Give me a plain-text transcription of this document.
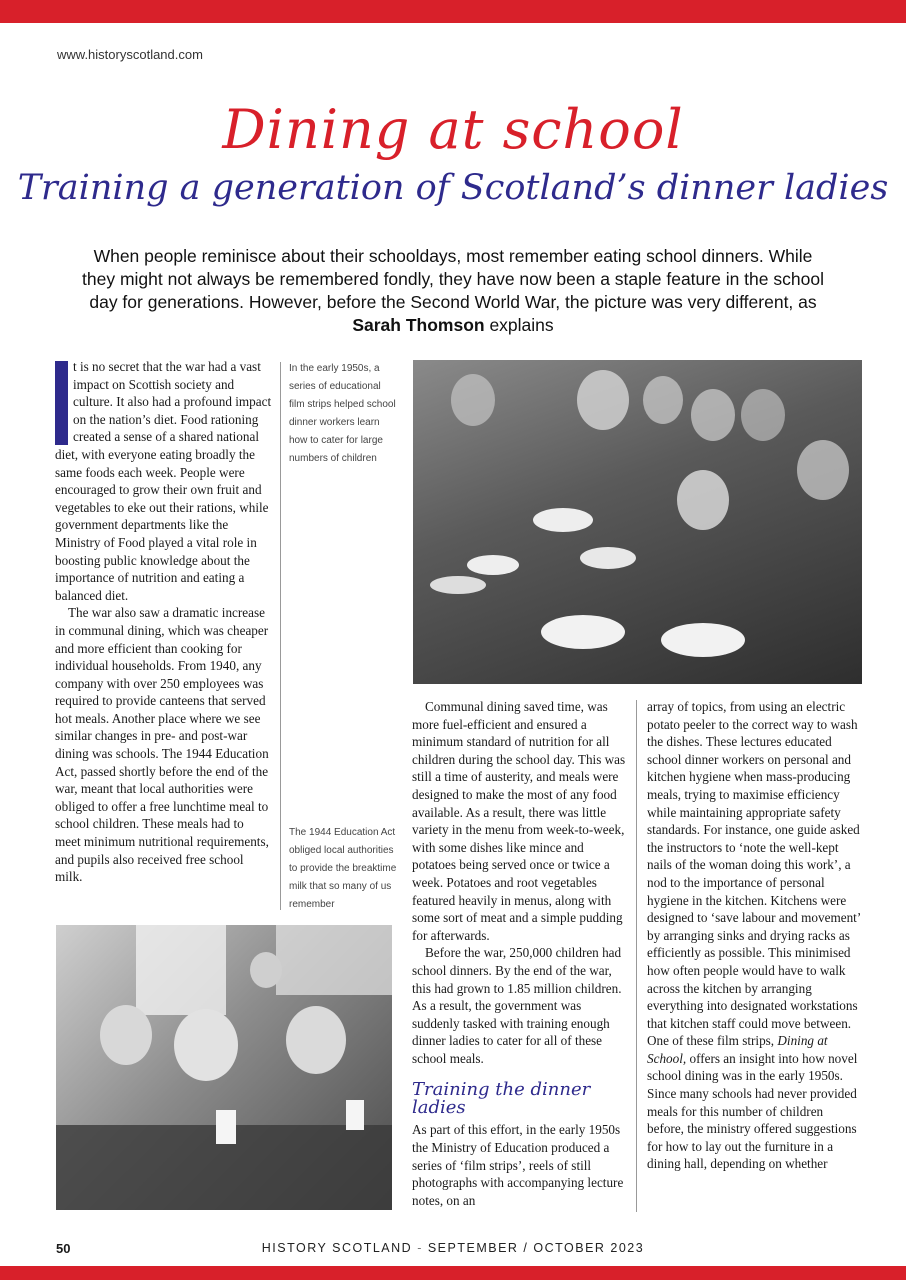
www.historyscotland.com
Dining at school
Training a generation of Scotland’s dinner ladies
When people reminisce about their schooldays, most remember eating school dinners. While they might not always be remembered fondly, they have now been a staple feature in the school day for generations. However, before the Second World War, the picture was very different, as Sarah Thomson explains

t is no secret that the war had a vast impact on Scottish society and culture. It also had a profound impact on the nation’s diet. Food rationing created a sense of a shared national diet, with everyone eating broadly the same foods each week. People were encouraged to grow their own fruit and vegetables to eke out their rations, while government departments like the Ministry of Food played a vital role in boosting public knowledge about the importance of nutrition and eating a balanced diet.

The war also saw a dramatic increase in communal dining, which was cheaper and more efficient than cooking for individual households. From 1940, any company with over 250 employees was required to provide canteens that served hot meals. Another place where we see similar changes in pre- and post-war dining was schools. The 1944 Education Act, passed shortly before the end of the war, meant that local authorities were obliged to offer a free lunchtime meal to school children. These meals had to meet minimum nutritional requirements, and pupils also received free school milk.

In the early 1950s, a series of educational film strips helped school dinner workers learn how to cater for large numbers of children
The 1944 Education Act obliged local authorities to provide the breaktime milk that so many of us remember

Communal dining saved time, was more fuel-efficient and ensured a minimum standard of nutrition for all children during the school day. This was still a time of austerity, and meals were designed to make the most of any food available. As a result, there was little variety in the menu from week-to-week, with some dishes like mince and potatoes being served once or twice a week. Potatoes and root vegetables featured heavily in menus, along with some sort of meat and a simple pudding for afterwards.

Before the war, 250,000 children had school dinners. By the end of the war, this had grown to 1.85 million children. As a result, the government was suddenly tasked with training enough dinner ladies to cater for all of these school meals.

Training the dinner ladies

As part of this effort, in the early 1950s the Ministry of Education produced a series of ‘film strips’, reels of still photographs with accompanying lecture notes, on an

array of topics, from using an electric potato peeler to the correct way to wash the dishes. These lectures educated school dinner workers on personal and kitchen hygiene when mass-producing meals, trying to maximise efficiency while maintaining appropriate safety standards. For instance, one guide asked the instructors to ‘note the well-kept nails of the woman doing this work’, a nod to the importance of personal hygiene in the kitchen. Kitchens were designed to ‘save labour and movement’ by arranging sinks and drying racks as efficiently as possible. This minimised how often people would have to walk across the kitchen by arranging everything into designated workstations that kitchen staff could move between. One of these film strips, Dining at School, offers an insight into how novel school dining was in the early 1950s. Since many schools had never provided meals for this number of children before, the ministry offered suggestions for how to lay out the furniture in a dining hall, depending on whether

50	HISTORY SCOTLAND - SEPTEMBER / OCTOBER 2023
